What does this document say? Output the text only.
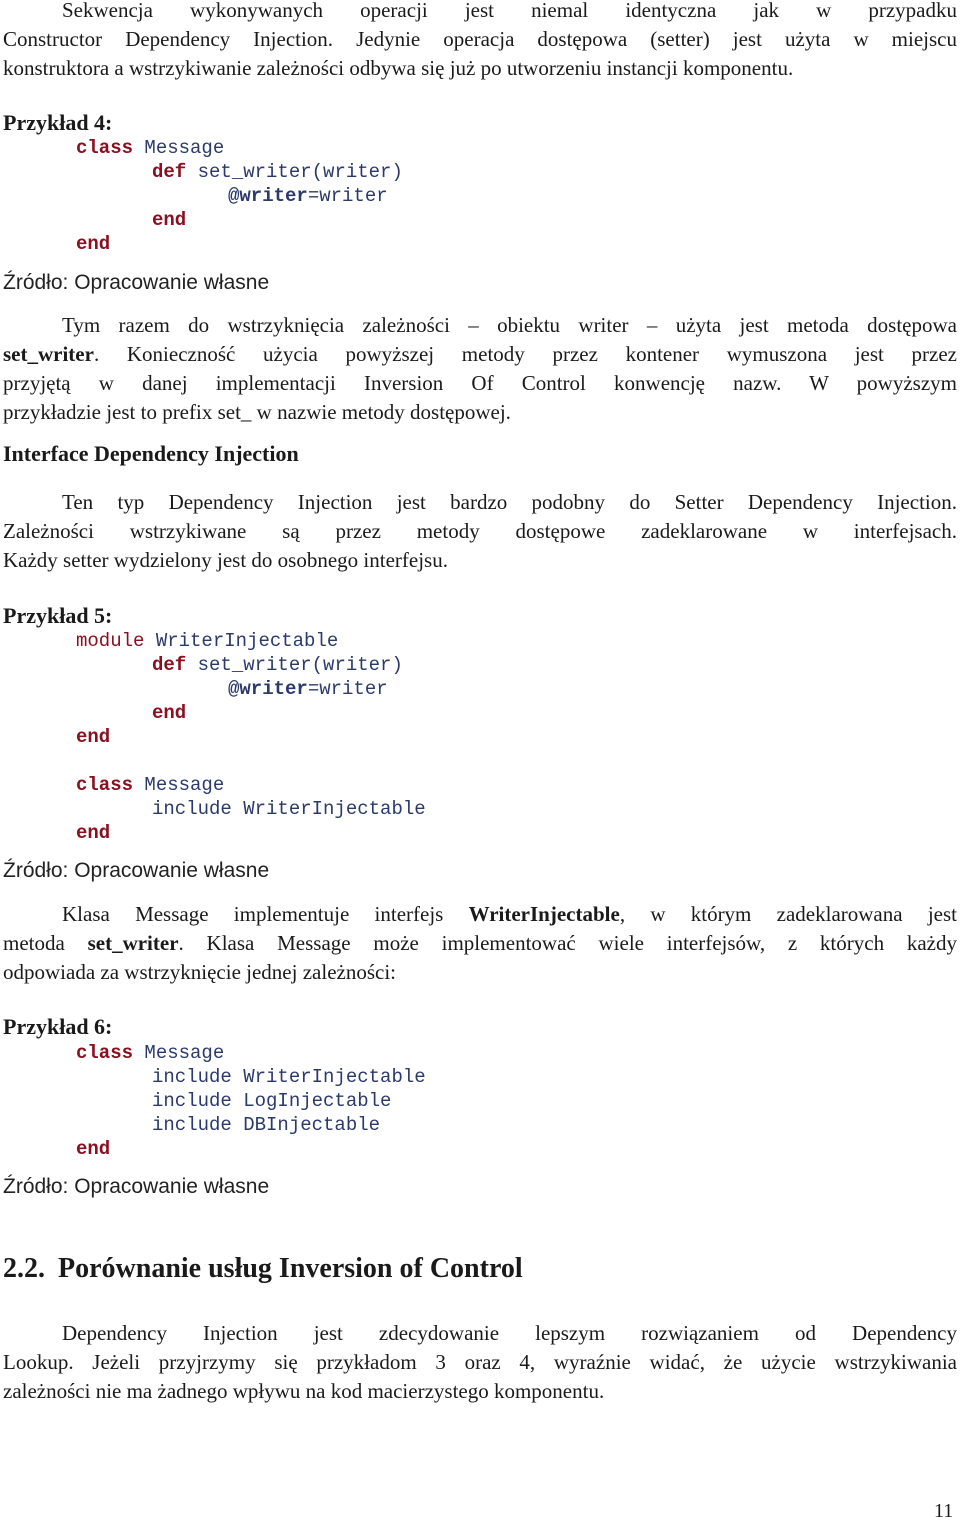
Sekwencja wykonywanych operacji jest niemal identyczna jak w przypadku
Constructor Dependency Injection. Jedynie operacja dostępowa (setter) jest użyta w miejscu
konstruktora a wstrzykiwanie zależności odbywa się już po utworzeniu instancji komponentu.
Przykład 4:
class Message
def set_writer(writer)
@writer=writer
end
end
Źródło: Opracowanie własne
Tym razem do wstrzyknięcia zależności – obiektu writer – użyta jest metoda dostępowa
set_writer. Konieczność użycia powyższej metody przez kontener wymuszona jest przez
przyjętą w danej implementacji Inversion Of Control konwencję nazw. W powyższym
przykładzie jest to prefix set_ w nazwie metody dostępowej.
Interface Dependency Injection
Ten typ Dependency Injection jest bardzo podobny do Setter Dependency Injection.
Zależności wstrzykiwane są przez metody dostępowe zadeklarowane w interfejsach.
Każdy setter wydzielony jest do osobnego interfejsu.
Przykład 5:
module WriterInjectable
def set_writer(writer)
@writer=writer
end
end
class Message
include WriterInjectable
end
Źródło: Opracowanie własne
Klasa Message implementuje interfejs WriterInjectable, w którym zadeklarowana jest
metoda set_writer. Klasa Message może implementować wiele interfejsów, z których każdy
odpowiada za wstrzyknięcie jednej zależności:
Przykład 6:
class Message
include WriterInjectable
include LogInjectable
include DBInjectable
end
Źródło: Opracowanie własne
2.2. Porównanie usług Inversion of Control
Dependency Injection jest zdecydowanie lepszym rozwiązaniem od Dependency
Lookup. Jeżeli przyjrzymy się przykładom 3 oraz 4, wyraźnie widać, że użycie wstrzykiwania
zależności nie ma żadnego wpływu na kod macierzystego komponentu.
11
